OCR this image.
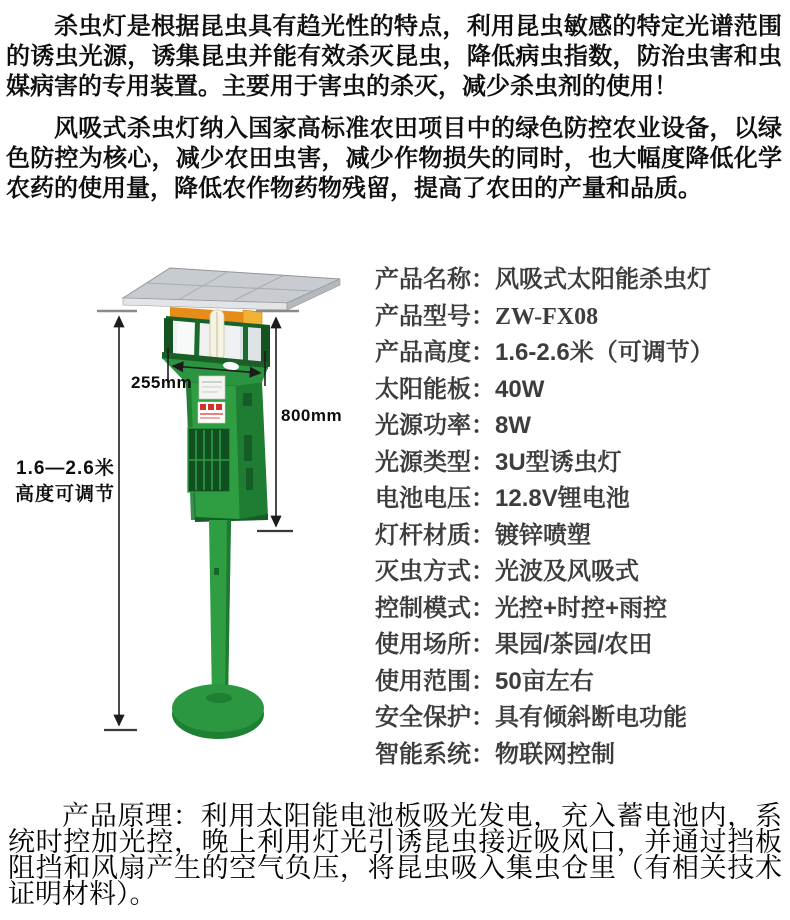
杀虫灯是根据昆虫具有趋光性的特点，利用昆虫敏感的特定光谱范围的诱虫光源，诱集昆虫并能有效杀灭昆虫，降低病虫指数，防治虫害和虫媒病害的专用装置。主要用于害虫的杀灭，减少杀虫剂的使用！

风吸式杀虫灯纳入国家高标准农田项目中的绿色防控农业设备，以绿色防控为核心，减少农田虫害，减少作物损失的同时，也大幅度降低化学农药的使用量，降低农作物药物残留，提高了农田的产量和品质。

255mm
800mm
1.6—2.6米
高度可调节
产品名称：风吸式太阳能杀虫灯
产品型号：ZW-FX08
产品高度：1.6-2.6米（可调节）
太阳能板：40W
光源功率：8W
光源类型：3U型诱虫灯
电池电压：12.8V锂电池
灯杆材质：镀锌喷塑
灭虫方式：光波及风吸式
控制模式：光控+时控+雨控
使用场所：果园/茶园/农田
使用范围：50亩左右
安全保护：具有倾斜断电功能
智能系统：物联网控制

产品原理：利用太阳能电池板吸光发电，充入蓄电池内，系统时控加光控，晚上利用灯光引诱昆虫接近吸风口，并通过挡板阻挡和风扇产生的空气负压，将昆虫吸入集虫仓里（有相关技术证明材料）。
